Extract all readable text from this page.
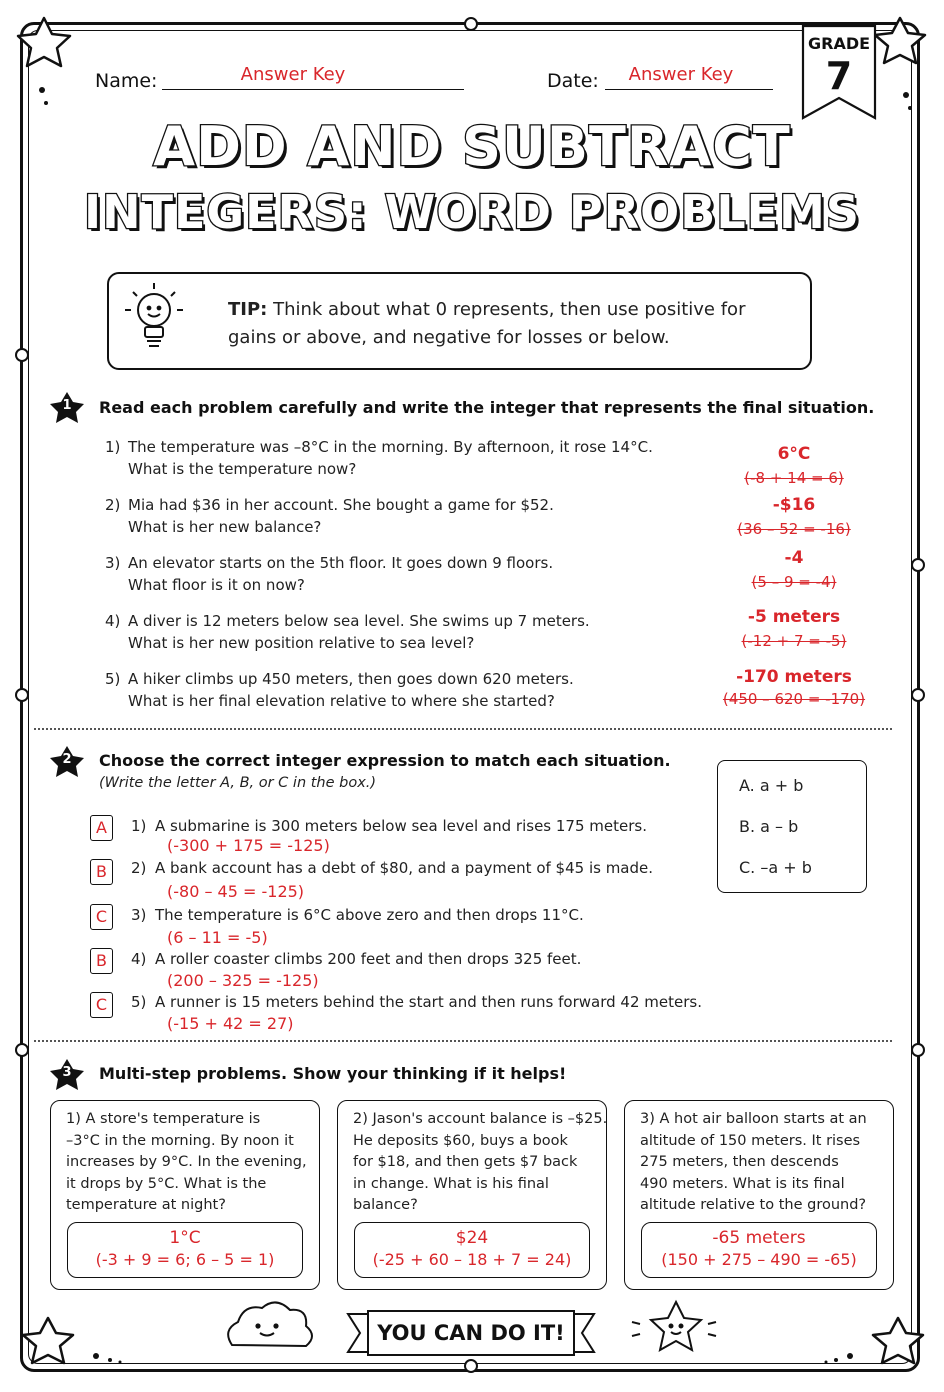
Name:	Answer Key	Date:	Answer Key
GRADE
7
ADD AND SUBTRACT
INTEGERS: WORD PROBLEMS
TIP: Think about what 0 represents, then use positive for
gains or above, and negative for losses or below.
1 Read each problem carefully and write the integer that represents the final situation.
1) The temperature was –8°C in the morning. By afternoon, it rose 14°C.
What is the temperature now?
6°C
(-8 + 14 = 6)
2) Mia had $36 in her account. She bought a game for $52.
What is her new balance?
-$16
(36 – 52 = -16)
3) An elevator starts on the 5th floor. It goes down 9 floors.
What floor is it on now?
-4
(5 – 9 = -4)
4) A diver is 12 meters below sea level. She swims up 7 meters.
What is her new position relative to sea level?
-5 meters
(-12 + 7 = -5)
5) A hiker climbs up 450 meters, then goes down 620 meters.
What is her final elevation relative to where she started?
-170 meters
(450 – 620 = -170)
2 Choose the correct integer expression to match each situation.
(Write the letter A, B, or C in the box.)	A. a + b
B. a – b
C. –a + b
A	1) A submarine is 300 meters below sea level and rises 175 meters.
(-300 + 175 = -125)
B	2) A bank account has a debt of $80, and a payment of $45 is made.
(-80 – 45 = -125)
C	3) The temperature is 6°C above zero and then drops 11°C.
(6 – 11 = -5)
B	4) A roller coaster climbs 200 feet and then drops 325 feet.
(200 – 325 = -125)
C	5) A runner is 15 meters behind the start and then runs forward 42 meters.
(-15 + 42 = 27)
3 Multi-step problems. Show your thinking if it helps!
1) A store's temperature is
–3°C in the morning. By noon it
increases by 9°C. In the evening,
it drops by 5°C. What is the
temperature at night?
1°C
(-3 + 9 = 6; 6 – 5 = 1)
2) Jason's account balance is –$25.
He deposits $60, buys a book
for $18, and then gets $7 back
in change. What is his final
balance?
$24
(-25 + 60 – 18 + 7 = 24)
3) A hot air balloon starts at an
altitude of 150 meters. It rises
275 meters, then descends
490 meters. What is its final
altitude relative to the ground?
-65 meters
(150 + 275 – 490 = -65)
YOU CAN DO IT!
